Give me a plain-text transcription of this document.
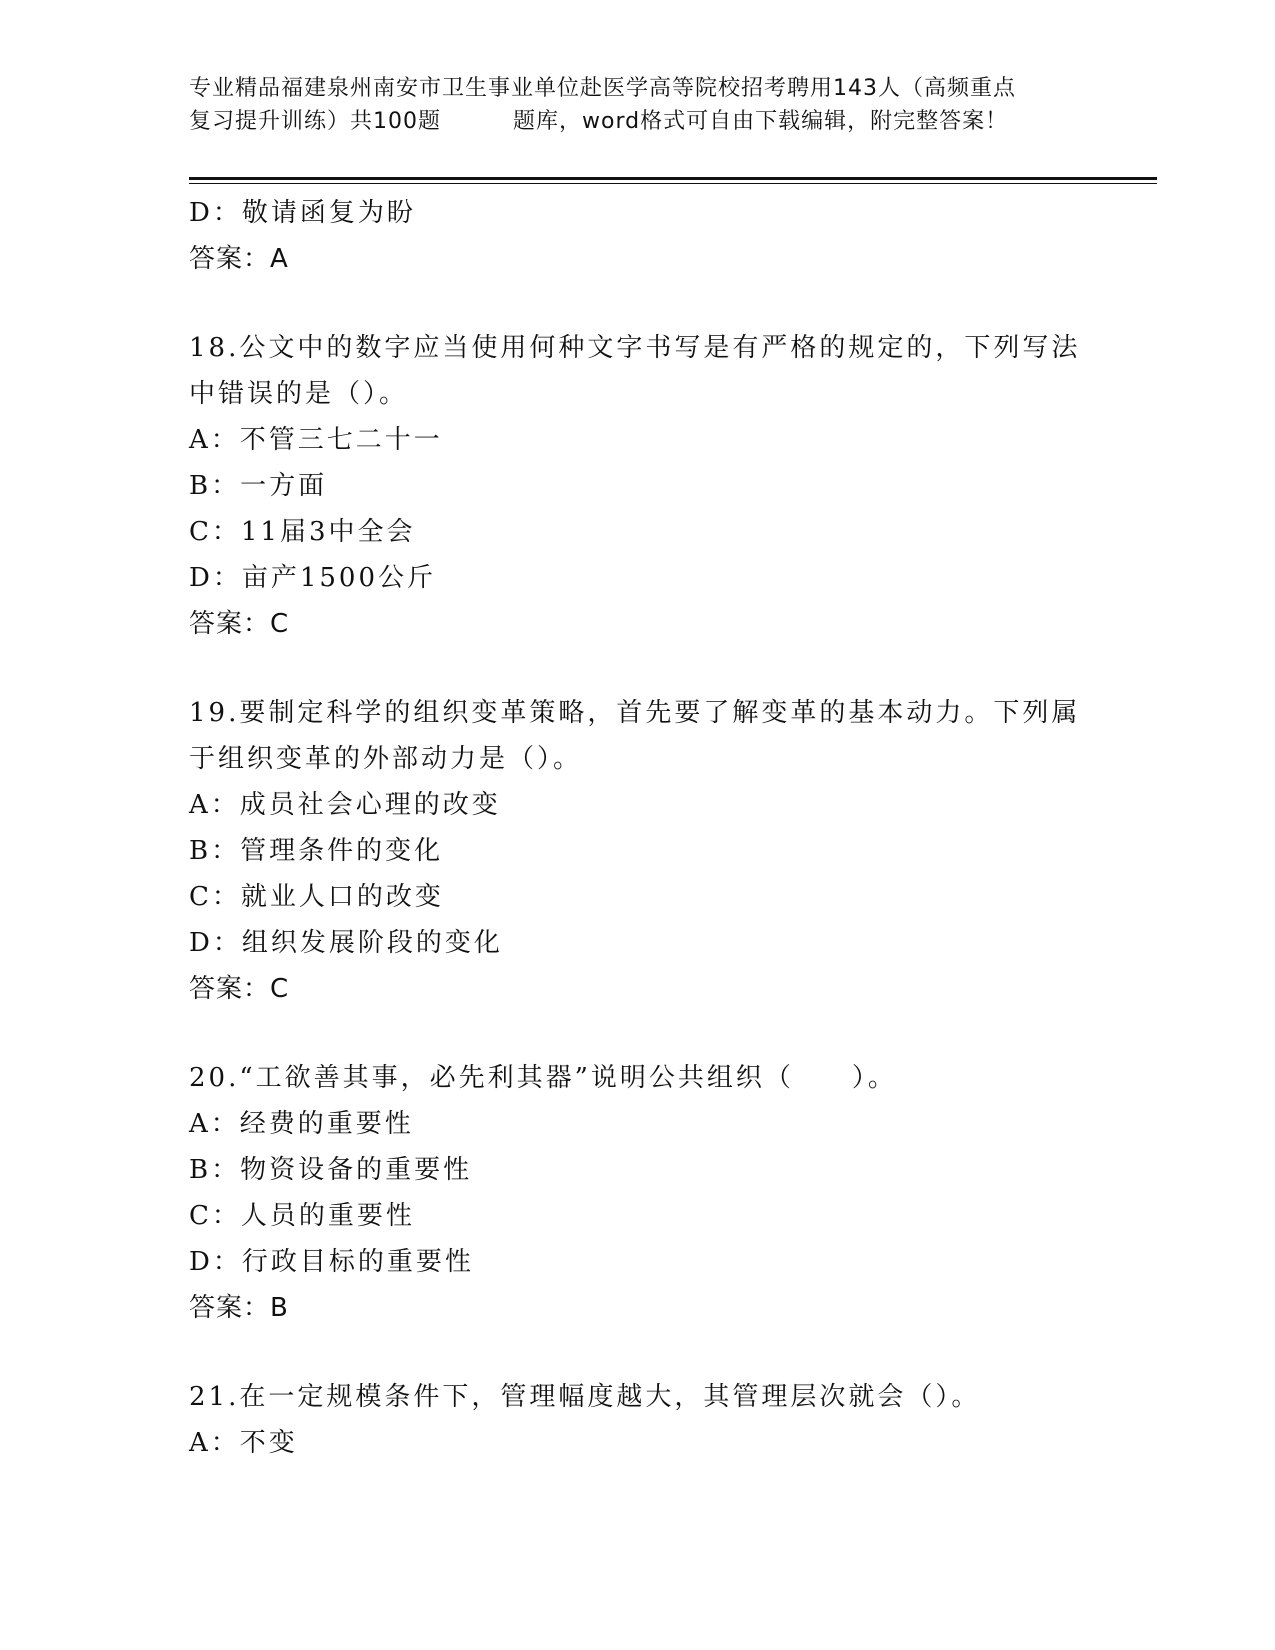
专业精品福建泉州南安市卫生事业单位赴医学高等院校招考聘用143人（高频重点
复习提升训练）共100题	题库，word格式可自由下载编辑，附完整答案！
D：敬请函复为盼
答案：A
18.公文中的数字应当使用何种文字书写是有严格的规定的，下列写法
中错误的是（）。
A：不管三七二十一
B：一方面
C：11届3中全会
D：亩产1500公斤
答案：C
19.要制定科学的组织变革策略，首先要了解变革的基本动力。下列属
于组织变革的外部动力是（）。
A：成员社会心理的改变
B：管理条件的变化
C：就业人口的改变
D：组织发展阶段的变化
答案：C
20.“工欲善其事，必先利其器”说明公共组织（　　）。
A：经费的重要性
B：物资设备的重要性
C：人员的重要性
D：行政目标的重要性
答案：B
21.在一定规模条件下，管理幅度越大，其管理层次就会（）。
A：不变
